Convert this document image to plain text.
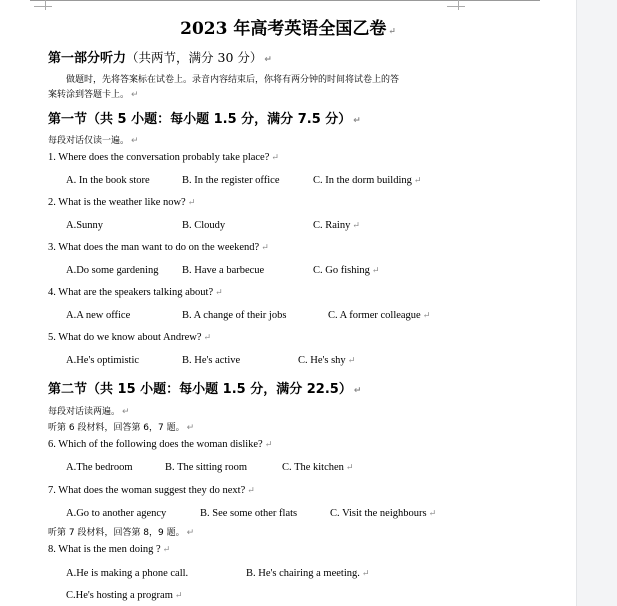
2023 年高考英语全国乙卷 ↵
第一部分听力（共两节，满分 30 分） ↵
做题时，先将答案标在试卷上。录音内容结束后，你将有两分钟的时间将试卷上的答
案转涂到答题卡上。 ↵
第一节（共 5 小题：每小题 1.5 分，满分 7.5 分） ↵
每段对话仅读一遍。 ↵
1. Where does the conversation probably take place? ↵
A. In the book store	B. In the register office	C. In the dorm building ↵
2. What is the weather like now? ↵
A.Sunny	B. Cloudy	C. Rainy ↵
3. What does the man want to do on the weekend? ↵
A.Do some gardening B. Have a barbecue	C. Go fishing ↵
4. What are the speakers talking about? ↵
A.A new office	B. A change of their jobs	C. A former colleague ↵
5. What do we know about Andrew? ↵
A.He's optimistic	B. He's active	C. He's shy ↵
第二节（共 15 小题：每小题 1.5 分，满分 22.5） ↵
每段对话读两遍。 ↵
听第 6 段材料，回答第 6，7 题。 ↵
6. Which of the following does the woman dislike? ↵
A.The bedroom	B. The sitting room	C. The kitchen ↵
7. What does the woman suggest they do next? ↵
A.Go to another agency	B. See some other flats	C. Visit the neighbours ↵
听第 7 段材料，回答第 8，9 题。 ↵
8. What is the men doing ? ↵
A.He is making a phone call.	B. He's chairing a meeting. ↵
C.He's hosting a program ↵
